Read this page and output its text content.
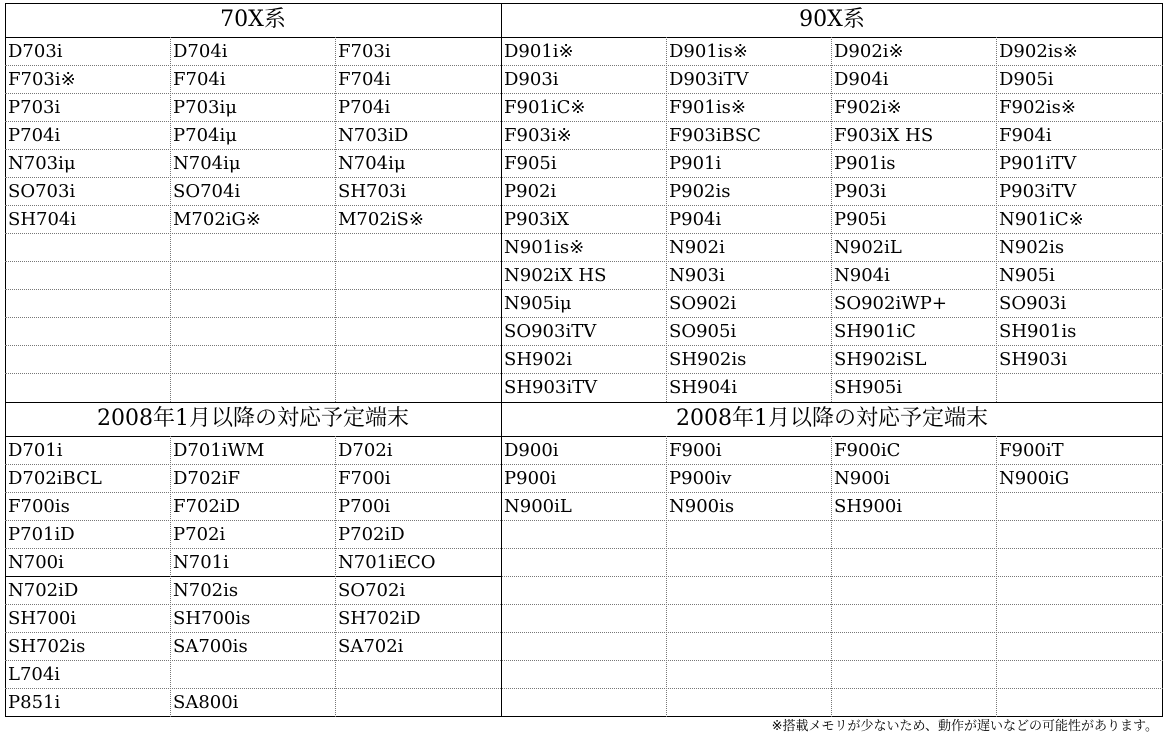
70X系
D703i	D704i	F703i
F703i※	F704i	F704i
P703i	P703iμ	P704i
P704i	P704iμ	N703iD
N703iμ	N704iμ	N704iμ
SO703i	SO704i	SH703i
SH704i	M702iG※	M702iS※
90X系
D901i※	D901is※	D902i※	D902is※
D903i	D903iTV	D904i	D905i
F901iC※	F901is※	F902i※	F902is※
F903i※	F903iBSC	F903iX HS	F904i
F905i	P901i	P901is	P901iTV
P902i	P902is	P903i	P903iTV
P903iX	P904i	P905i	N901iC※
N901is※	N902i	N902iL	N902is
N902iX HS	N903i	N904i	N905i
N905iμ	SO902i	SO902iWP+	SO903i
SO903iTV	SO905i	SH901iC	SH901is
SH902i	SH902is	SH902iSL	SH903i
SH903iTV	SH904i	SH905i
2008年1月以降の対応予定端末
D701i	D701iWM	D702i
D702iBCL	D702iF	F700i
F700is	F702iD	P700i
P701iD	P702i	P702iD
N700i	N701i	N701iECO
N702iD	N702is	SO702i
SH700i	SH700is	SH702iD
SH702is	SA700is	SA702i
L704i
P851i	SA800i
2008年1月以降の対応予定端末
D900i	F900i	F900iC	F900iT
P900i	P900iv	N900i	N900iG
N900iL	N900is	SH900i
※搭載メモリが少ないため、動作が遅いなどの可能性があります。
